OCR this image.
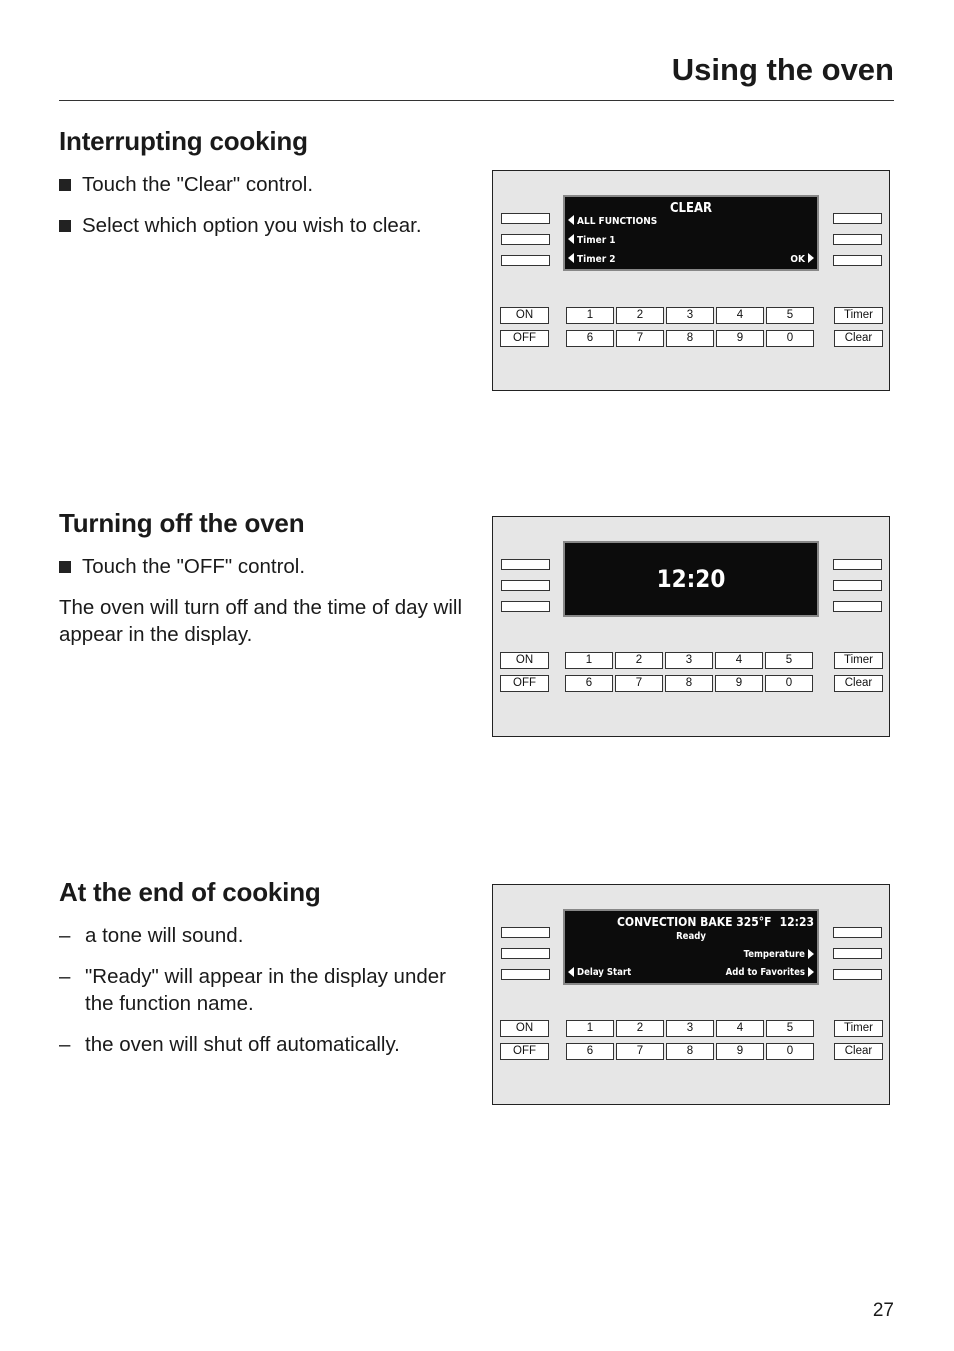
Using the oven
Interrupting cooking
Touch the "Clear" control.
Select which option you wish to clear.
Turning off the oven
Touch the "OFF" control.

The oven will turn off and the time of day will appear in the display.

At the end of cooking
– a tone will sound.
– "Ready" will appear in the display under the function name.
– the oven will shut off automatically.
CLEAR
ALL FUNCTIONS
Timer 1
Timer 2	OK
ON
OFF
1	2	3	4	5
6	7	8	9	0
Timer
Clear
12:20
ON
OFF
1	2	3	4	5
6	7	8	9	0
Timer
Clear
CONVECTION BAKE 325°F 12:23
Ready
Temperature
Delay Start	Add to Favorites
ON
OFF
1	2	3	4	5
6	7	8	9	0
Timer
Clear

27
